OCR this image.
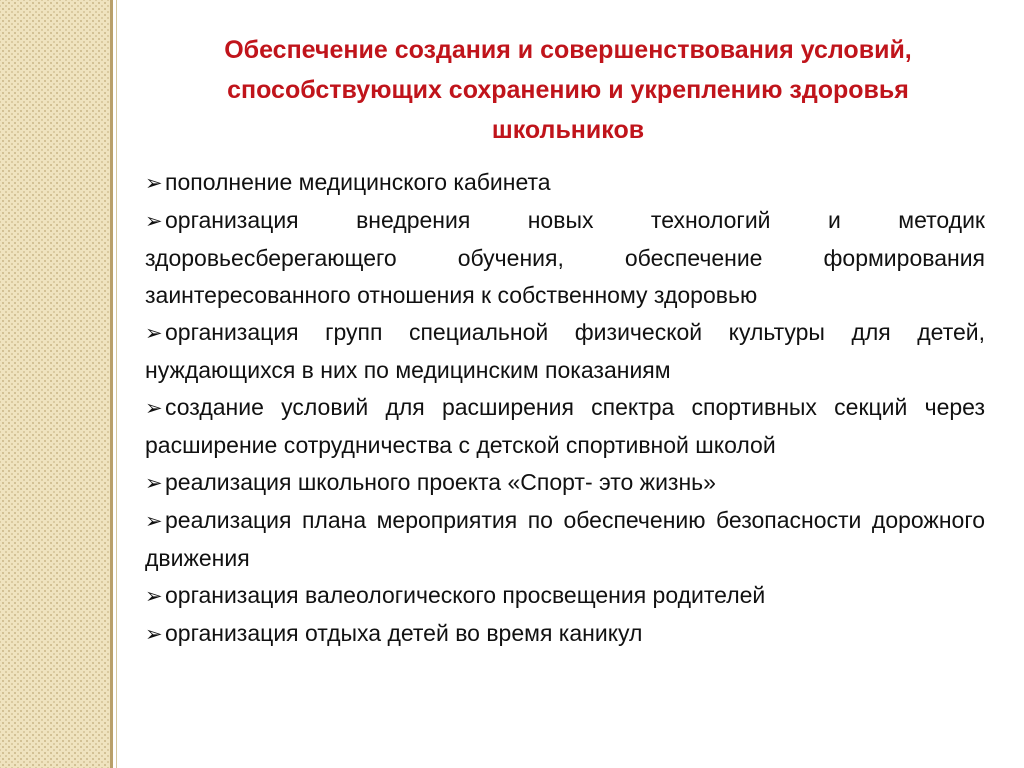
Обеспечение создания и совершенствования условий, способствующих сохранению и укреплению здоровья школьников
➢ пополнение медицинского кабинета
➢ организация внедрения новых технологий и методик здоровьесберегающего обучения, обеспечение формирования заинтересованного отношения к собственному здоровью
➢ организация групп специальной физической культуры для детей, нуждающихся в них по медицинским показаниям
➢ создание условий для расширения спектра спортивных секций через расширение сотрудничества с детской спортивной школой
➢ реализация школьного проекта «Спорт- это жизнь»
➢ реализация плана мероприятия по обеспечению безопасности дорожного движения
➢ организация валеологического просвещения родителей
➢ организация отдыха детей во время каникул
